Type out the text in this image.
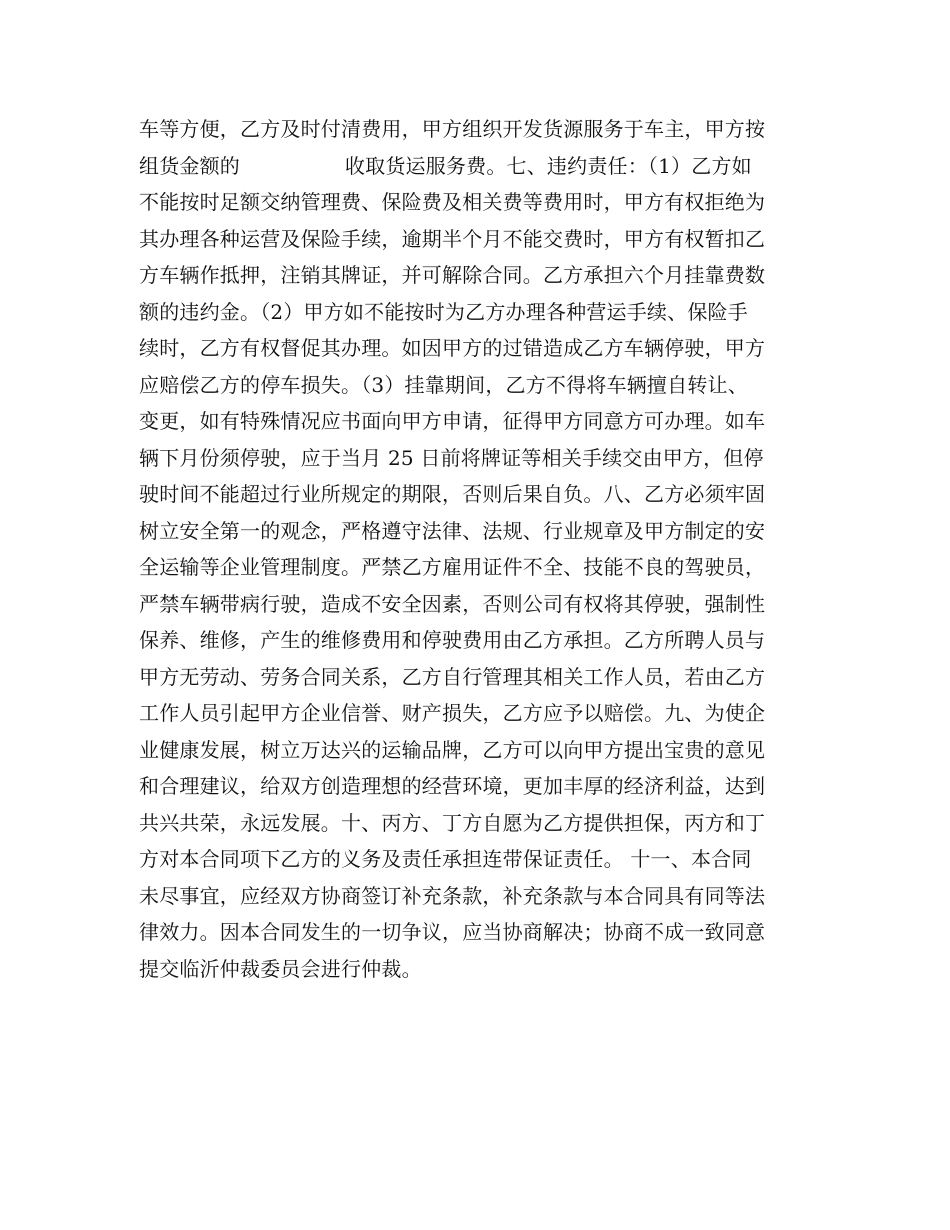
车等方便，乙方及时付清费用，甲方组织开发货源服务于车主，甲方按
组货金额的                收取货运服务费。七、违约责任：（1）乙方如
不能按时足额交纳管理费、保险费及相关费等费用时，甲方有权拒绝为
其办理各种运营及保险手续，逾期半个月不能交费时，甲方有权暂扣乙
方车辆作抵押，注销其牌证，并可解除合同。乙方承担六个月挂靠费数
额的违约金。（2）甲方如不能按时为乙方办理各种营运手续、保险手
续时，乙方有权督促其办理。如因甲方的过错造成乙方车辆停驶，甲方
应赔偿乙方的停车损失。（3）挂靠期间，乙方不得将车辆擅自转让、
变更，如有特殊情况应书面向甲方申请，征得甲方同意方可办理。如车
辆下月份须停驶，应于当月 25 日前将牌证等相关手续交由甲方，但停
驶时间不能超过行业所规定的期限，否则后果自负。八、乙方必须牢固
树立安全第一的观念，严格遵守法律、法规、行业规章及甲方制定的安
全运输等企业管理制度。严禁乙方雇用证件不全、技能不良的驾驶员，
严禁车辆带病行驶，造成不安全因素，否则公司有权将其停驶，强制性
保养、维修，产生的维修费用和停驶费用由乙方承担。乙方所聘人员与
甲方无劳动、劳务合同关系，乙方自行管理其相关工作人员，若由乙方
工作人员引起甲方企业信誉、财产损失，乙方应予以赔偿。九、为使企
业健康发展，树立万达兴的运输品牌，乙方可以向甲方提出宝贵的意见
和合理建议，给双方创造理想的经营环境，更加丰厚的经济利益，达到
共兴共荣，永远发展。十、丙方、丁方自愿为乙方提供担保，丙方和丁
方对本合同项下乙方的义务及责任承担连带保证责任。 十一、本合同
未尽事宜，应经双方协商签订补充条款，补充条款与本合同具有同等法
律效力。因本合同发生的一切争议，应当协商解决；协商不成一致同意
提交临沂仲裁委员会进行仲裁。
